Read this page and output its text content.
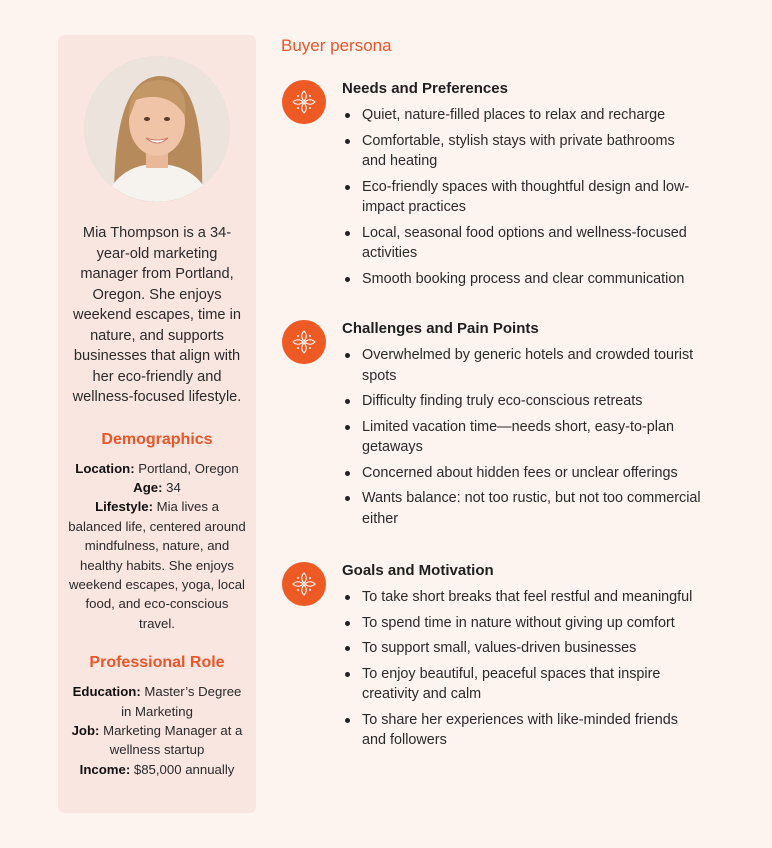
Mia Thompson is a 34-year-old marketing manager from Portland, Oregon. She enjoys weekend escapes, time in nature, and supports businesses that align with her eco-friendly and wellness-focused lifestyle.

Demographics
Location: Portland, Oregon
Age: 34
Lifestyle: Mia lives a balanced life, centered around mindfulness, nature, and healthy habits. She enjoys weekend escapes, yoga, local food, and eco-conscious travel.
Professional Role
Education: Master’s Degree in Marketing
Job: Marketing Manager at a wellness startup
Income: $85,000 annually
Buyer persona
Needs and Preferences
Quiet, nature-filled places to relax and recharge
Comfortable, stylish stays with private bathrooms and heating
Eco-friendly spaces with thoughtful design and low-impact practices
Local, seasonal food options and wellness-focused activities
Smooth booking process and clear communication
Challenges and Pain Points
Overwhelmed by generic hotels and crowded tourist spots
Difficulty finding truly eco-conscious retreats
Limited vacation time—needs short, easy-to-plan getaways
Concerned about hidden fees or unclear offerings
Wants balance: not too rustic, but not too commercial either
Goals and Motivation
To take short breaks that feel restful and meaningful
To spend time in nature without giving up comfort
To support small, values-driven businesses
To enjoy beautiful, peaceful spaces that inspire creativity and calm
To share her experiences with like-minded friends and followers
